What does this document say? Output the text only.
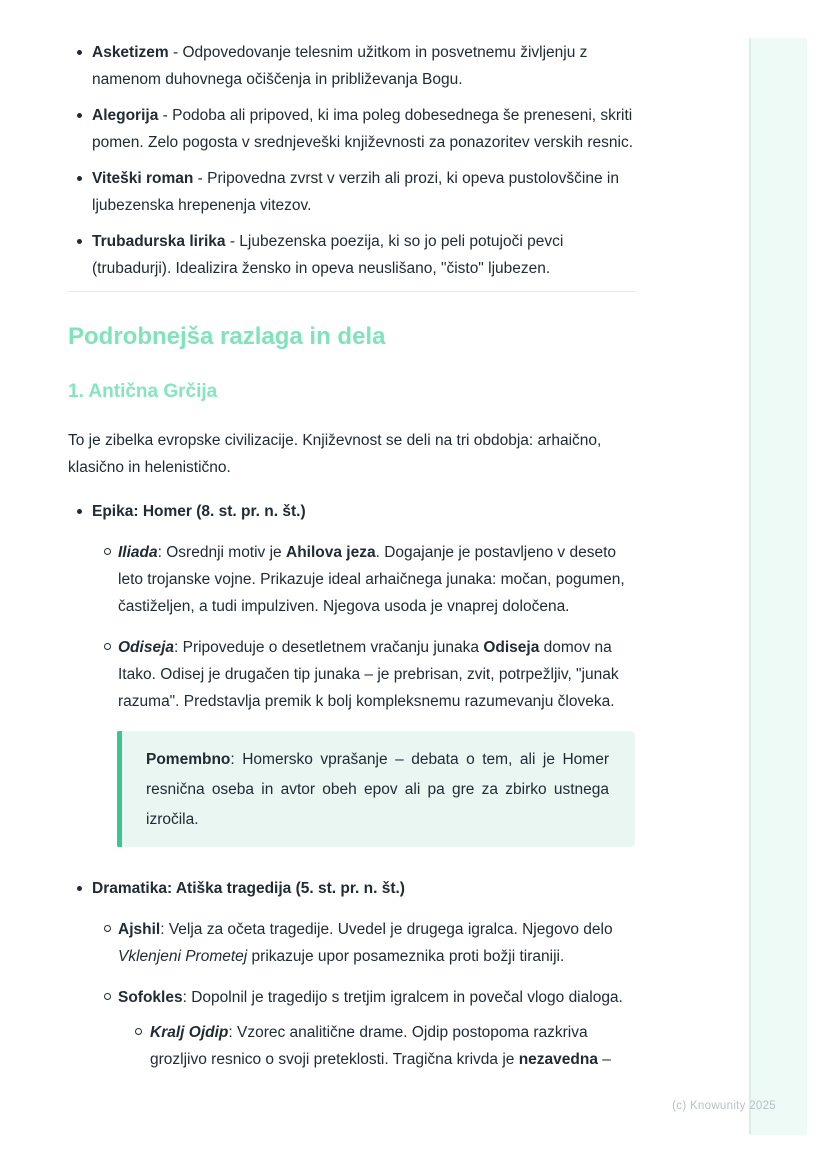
Asketizem - Odpovedovanje telesnim užitkom in posvetnemu življenju z namenom duhovnega očiščenja in približevanja Bogu.
Alegorija - Podoba ali pripoved, ki ima poleg dobesednega še preneseni, skriti pomen. Zelo pogosta v srednjeveški književnosti za ponazoritev verskih resnic.
Viteški roman - Pripovedna zvrst v verzih ali prozi, ki opeva pustolovščine in ljubezenska hrepenenja vitezov.
Trubadurska lirika - Ljubezenska poezija, ki so jo peli potujoči pevci (trubadurji). Idealizira žensko in opeva neuslišano, "čisto" ljubezen.
Podrobnejša razlaga in dela
1. Antična Grčija

To je zibelka evropske civilizacije. Književnost se deli na tri obdobja: arhaično, klasično in helenistično.

Epika: Homer (8. st. pr. n. št.)
Iliada: Osrednji motiv je Ahilova jeza. Dogajanje je postavljeno v deseto leto trojanske vojne. Prikazuje ideal arhaičnega junaka: močan, pogumen, častiželjen, a tudi impulziven. Njegova usoda je vnaprej določena.
Odiseja: Pripoveduje o desetletnem vračanju junaka Odiseja domov na Itako. Odisej je drugačen tip junaka – je prebrisan, zvit, potrpežljiv, "junak razuma". Predstavlja premik k bolj kompleksnemu razumevanju človeka.
Pomembno: Homersko vprašanje – debata o tem, ali je Homer resnična oseba in avtor obeh epov ali pa gre za zbirko ustnega izročila.
Dramatika: Atiška tragedija (5. st. pr. n. št.)
Ajshil: Velja za očeta tragedije. Uvedel je drugega igralca. Njegovo delo Vklenjeni Prometej prikazuje upor posameznika proti božji tiraniji.
Sofokles: Dopolnil je tragedijo s tretjim igralcem in povečal vlogo dialoga.
Kralj Ojdip: Vzorec analitične drame. Ojdip postopoma razkriva grozljivo resnico o svoji preteklosti. Tragična krivda je nezavedna –
(c) Knowunity 2025
